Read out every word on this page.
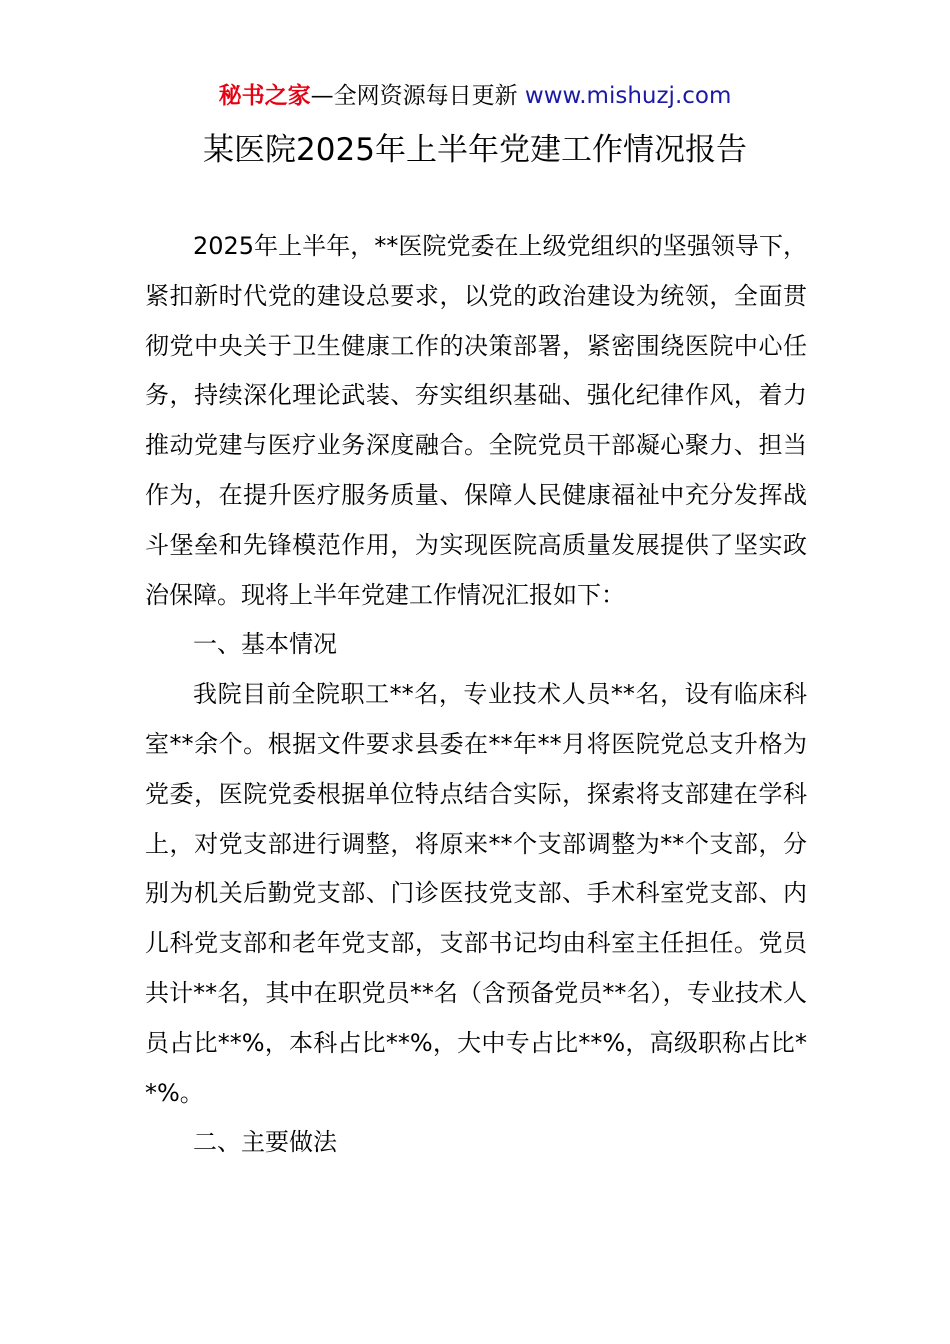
秘书之家—全网资源每日更新 www.mishuzj.com
某医院2025年上半年党建工作情况报告

2025年上半年，**医院党委在上级党组织的坚强领导下，紧扣新时代党的建设总要求，以党的政治建设为统领，全面贯彻党中央关于卫生健康工作的决策部署，紧密围绕医院中心任务，持续深化理论武装、夯实组织基础、强化纪律作风，着力推动党建与医疗业务深度融合。全院党员干部凝心聚力、担当作为，在提升医疗服务质量、保障人民健康福祉中充分发挥战斗堡垒和先锋模范作用，为实现医院高质量发展提供了坚实政治保障。现将上半年党建工作情况汇报如下：

一、基本情况

我院目前全院职工**名，专业技术人员**名，设有临床科室**余个。根据文件要求县委在**年**月将医院党总支升格为党委，医院党委根据单位特点结合实际，探索将支部建在学科上，对党支部进行调整，将原来**个支部调整为**个支部，分别为机关后勤党支部、门诊医技党支部、手术科室党支部、内儿科党支部和老年党支部，支部书记均由科室主任担任。党员共计**名，其中在职党员**名（含预备党员**名），专业技术人员占比**%，本科占比**%，大中专占比**%，高级职称占比**%。

二、主要做法
